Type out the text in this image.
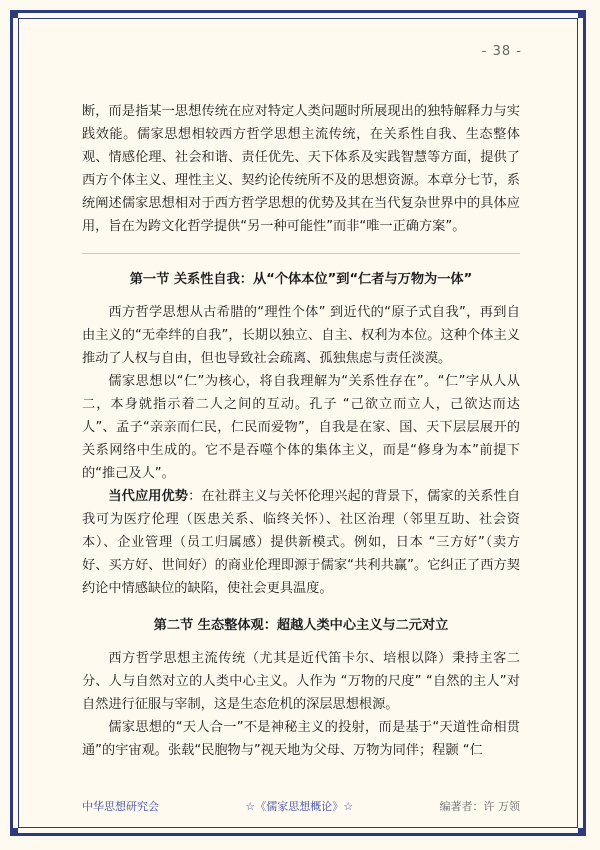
- 38 -

断，而是指某一思想传统在应对特定人类问题时所展现出的独特解释力与实践效能。儒家思想相较西方哲学思想主流传统，在关系性自我、生态整体观、情感伦理、社会和谐、责任优先、天下体系及实践智慧等方面，提供了西方个体主义、理性主义、契约论传统所不及的思想资源。本章分七节，系统阐述儒家思想相对于西方哲学思想的优势及其在当代复杂世界中的具体应用，旨在为跨文化哲学提供“另一种可能性”而非“唯一正确方案”。

第一节 关系性自我：从“个体本位”到“仁者与万物为一体”

西方哲学思想从古希腊的“理性个体” 到近代的“原子式自我”，再到自由主义的“无牵绊的自我”，长期以独立、自主、权利为本位。这种个体主义推动了人权与自由，但也导致社会疏离、孤独焦虑与责任淡漠。

儒家思想以“仁”为核心，将自我理解为“关系性存在”。“仁”字从人从二，本身就指示着二人之间的互动。孔子 “己欲立而立人，己欲达而达人”、孟子“亲亲而仁民，仁民而爱物”，自我是在家、国、天下层层展开的关系网络中生成的。它不是吞噬个体的集体主义，而是“修身为本”前提下的“推己及人”。

当代应用优势：在社群主义与关怀伦理兴起的背景下，儒家的关系性自我可为医疗伦理（医患关系、临终关怀）、社区治理（邻里互助、社会资本）、企业管理（员工归属感）提供新模式。例如，日本 “三方好”（卖方好、买方好、世间好）的商业伦理即源于儒家“共利共赢”。它纠正了西方契约论中情感缺位的缺陷，使社会更具温度。

第二节 生态整体观：超越人类中心主义与二元对立

西方哲学思想主流传统（尤其是近代笛卡尔、培根以降）秉持主客二分、人与自然对立的人类中心主义。人作为 “万物的尺度” “自然的主人”对自然进行征服与宰制，这是生态危机的深层思想根源。

儒家思想的“天人合一”不是神秘主义的投射，而是基于“天道性命相贯通”的宇宙观。张载“民胞物与”视天地为父母、万物为同伴；程颢 “仁

中华思想研究会	☆《儒家思想概论》☆	编著者：许 万领
